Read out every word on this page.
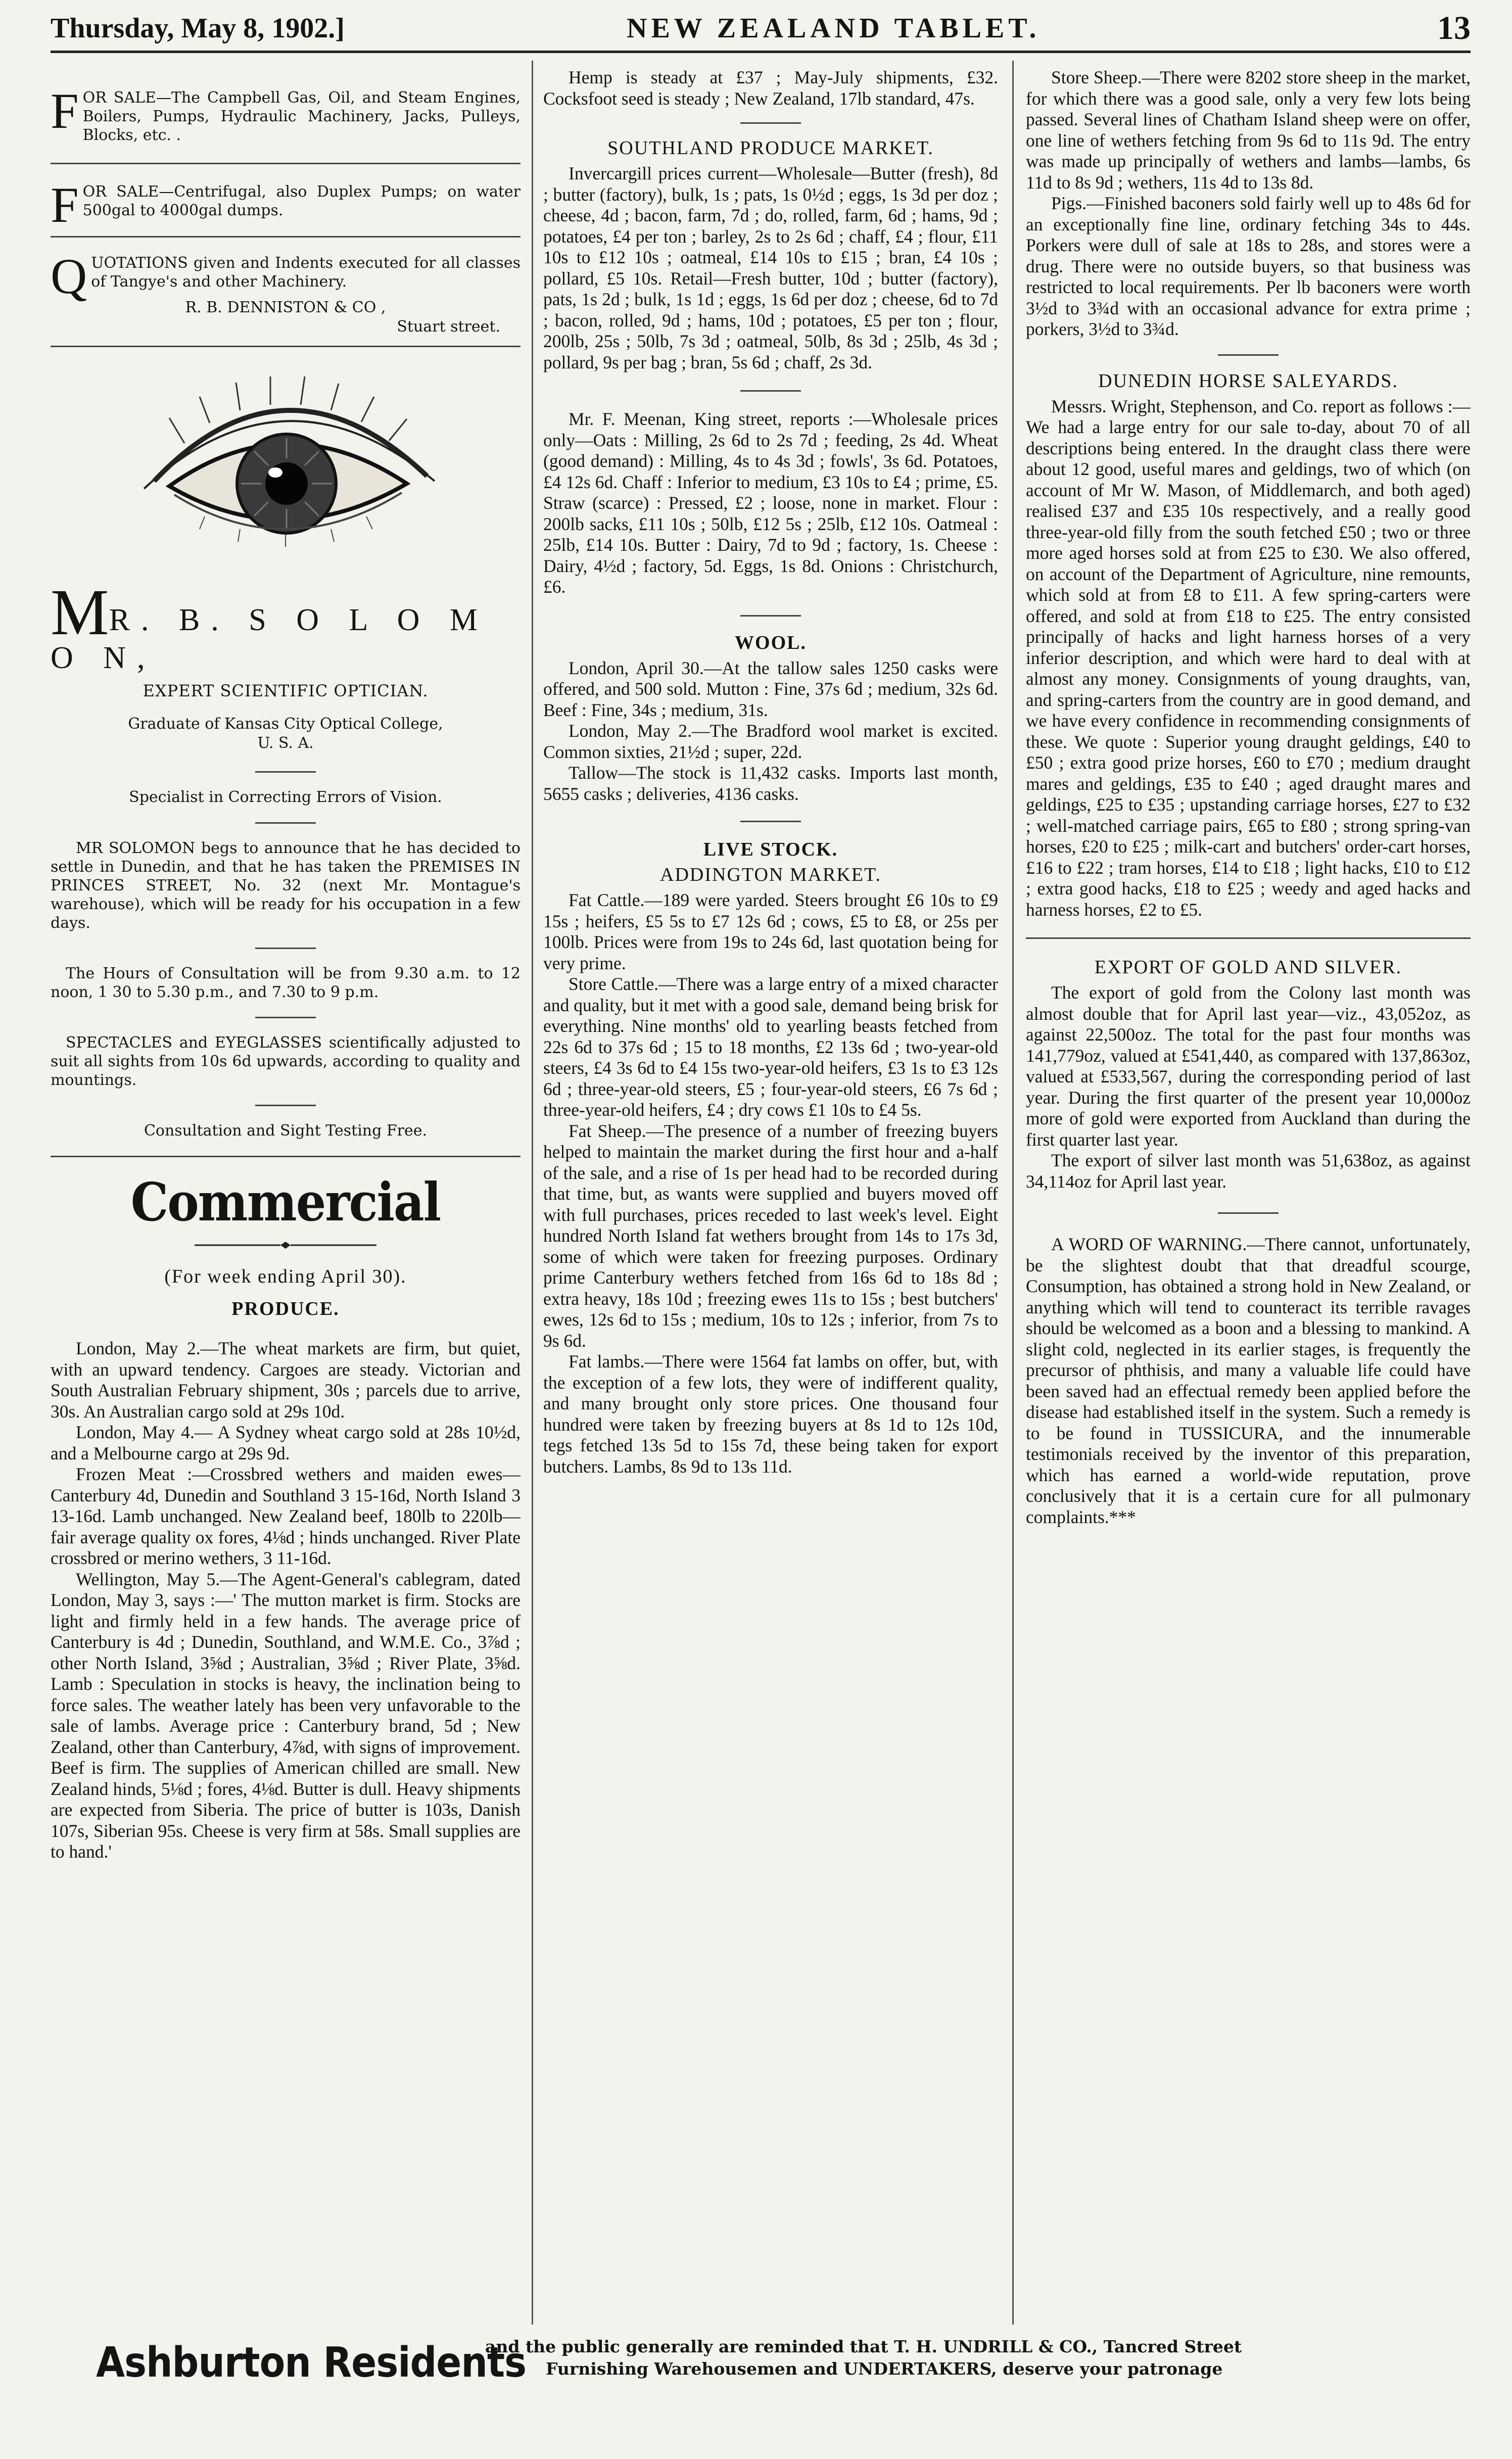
Thursday, May 8, 1902.]	NEW ZEALAND TABLET.	13
F OR SALE—The Campbell Gas, Oil, and Steam Engines, Boilers, Pumps, Hydraulic Machinery, Jacks, Pulleys, Blocks, etc. .
F OR SALE—Centrifugal, also Duplex Pumps; on water 500gal to 4000gal dumps.
Q UOTATIONS given and Indents executed for all classes of Tangye's and other Machinery.
R. B. DENNISTON & CO ,
Stuart street.
MR. B. S O L O M O N,
EXPERT SCIENTIFIC OPTICIAN.
Graduate of Kansas City Optical College,
U. S. A.
Specialist in Correcting Errors of Vision.
MR SOLOMON begs to announce that he has decided to settle in Dunedin, and that he has taken the PREMISES IN PRINCES STREET, No. 32 (next Mr. Montague's warehouse), which will be ready for his occupation in a few days.
The Hours of Consultation will be from 9.30 a.m. to 12 noon, 1 30 to 5.30 p.m., and 7.30 to 9 p.m.
SPECTACLES and EYEGLASSES scientifically adjusted to suit all sights from 10s 6d upwards, according to quality and mountings.
Consultation and Sight Testing Free.
Commercial
(For week ending April 30).
PRODUCE.

London, May 2.—The wheat markets are firm, but quiet, with an upward tendency. Cargoes are steady. Victorian and South Australian February shipment, 30s ; parcels due to arrive, 30s. An Australian cargo sold at 29s 10d.

London, May 4.— A Sydney wheat cargo sold at 28s 10½d, and a Melbourne cargo at 29s 9d.

Frozen Meat :—Crossbred wethers and maiden ewes—Canterbury 4d, Dunedin and Southland 3 15-16d, North Island 3 13-16d. Lamb unchanged. New Zealand beef, 180lb to 220lb—fair average quality ox fores, 4⅛d ; hinds unchanged. River Plate crossbred or merino wethers, 3 11-16d.

Wellington, May 5.—The Agent-General's cablegram, dated London, May 3, says :—' The mutton market is firm. Stocks are light and firmly held in a few hands. The average price of Canterbury is 4d ; Dunedin, Southland, and W.M.E. Co., 3⅞d ; other North Island, 3⅝d ; Australian, 3⅝d ; River Plate, 3⅝d. Lamb : Speculation in stocks is heavy, the inclination being to force sales. The weather lately has been very unfavorable to the sale of lambs. Average price : Canterbury brand, 5d ; New Zealand, other than Canterbury, 4⅞d, with signs of improvement. Beef is firm. The supplies of American chilled are small. New Zealand hinds, 5⅛d ; fores, 4⅛d. Butter is dull. Heavy shipments are expected from Siberia. The price of butter is 103s, Danish 107s, Siberian 95s. Cheese is very firm at 58s. Small supplies are to hand.'

Hemp is steady at £37 ; May-July shipments, £32. Cocksfoot seed is steady ; New Zealand, 17lb standard, 47s.

SOUTHLAND PRODUCE MARKET.

Invercargill prices current—Wholesale—Butter (fresh), 8d ; butter (factory), bulk, 1s ; pats, 1s 0½d ; eggs, 1s 3d per doz ; cheese, 4d ; bacon, farm, 7d ; do, rolled, farm, 6d ; hams, 9d ; potatoes, £4 per ton ; barley, 2s to 2s 6d ; chaff, £4 ; flour, £11 10s to £12 10s ; oatmeal, £14 10s to £15 ; bran, £4 10s ; pollard, £5 10s. Retail—Fresh butter, 10d ; butter (factory), pats, 1s 2d ; bulk, 1s 1d ; eggs, 1s 6d per doz ; cheese, 6d to 7d ; bacon, rolled, 9d ; hams, 10d ; potatoes, £5 per ton ; flour, 200lb, 25s ; 50lb, 7s 3d ; oatmeal, 50lb, 8s 3d ; 25lb, 4s 3d ; pollard, 9s per bag ; bran, 5s 6d ; chaff, 2s 3d.

Mr. F. Meenan, King street, reports :—Wholesale prices only—Oats : Milling, 2s 6d to 2s 7d ; feeding, 2s 4d. Wheat (good demand) : Milling, 4s to 4s 3d ; fowls', 3s 6d. Potatoes, £4 12s 6d. Chaff : Inferior to medium, £3 10s to £4 ; prime, £5. Straw (scarce) : Pressed, £2 ; loose, none in market. Flour : 200lb sacks, £11 10s ; 50lb, £12 5s ; 25lb, £12 10s. Oatmeal : 25lb, £14 10s. Butter : Dairy, 7d to 9d ; factory, 1s. Cheese : Dairy, 4½d ; factory, 5d. Eggs, 1s 8d. Onions : Christchurch, £6.

WOOL.

London, April 30.—At the tallow sales 1250 casks were offered, and 500 sold. Mutton : Fine, 37s 6d ; medium, 32s 6d. Beef : Fine, 34s ; medium, 31s.

London, May 2.—The Bradford wool market is excited. Common sixties, 21½d ; super, 22d.

Tallow—The stock is 11,432 casks. Imports last month, 5655 casks ; deliveries, 4136 casks.

LIVE STOCK.
ADDINGTON MARKET.

Fat Cattle.—189 were yarded. Steers brought £6 10s to £9 15s ; heifers, £5 5s to £7 12s 6d ; cows, £5 to £8, or 25s per 100lb. Prices were from 19s to 24s 6d, last quotation being for very prime.

Store Cattle.—There was a large entry of a mixed character and quality, but it met with a good sale, demand being brisk for everything. Nine months' old to yearling beasts fetched from 22s 6d to 37s 6d ; 15 to 18 months, £2 13s 6d ; two-year-old steers, £4 3s 6d to £4 15s two-year-old heifers, £3 1s to £3 12s 6d ; three-year-old steers, £5 ; four-year-old steers, £6 7s 6d ; three-year-old heifers, £4 ; dry cows £1 10s to £4 5s.

Fat Sheep.—The presence of a number of freezing buyers helped to maintain the market during the first hour and a-half of the sale, and a rise of 1s per head had to be recorded during that time, but, as wants were supplied and buyers moved off with full purchases, prices receded to last week's level. Eight hundred North Island fat wethers brought from 14s to 17s 3d, some of which were taken for freezing purposes. Ordinary prime Canterbury wethers fetched from 16s 6d to 18s 8d ; extra heavy, 18s 10d ; freezing ewes 11s to 15s ; best butchers' ewes, 12s 6d to 15s ; medium, 10s to 12s ; inferior, from 7s to 9s 6d.

Fat lambs.—There were 1564 fat lambs on offer, but, with the exception of a few lots, they were of indifferent quality, and many brought only store prices. One thousand four hundred were taken by freezing buyers at 8s 1d to 12s 10d, tegs fetched 13s 5d to 15s 7d, these being taken for export butchers. Lambs, 8s 9d to 13s 11d.

Store Sheep.—There were 8202 store sheep in the market, for which there was a good sale, only a very few lots being passed. Several lines of Chatham Island sheep were on offer, one line of wethers fetching from 9s 6d to 11s 9d. The entry was made up principally of wethers and lambs—lambs, 6s 11d to 8s 9d ; wethers, 11s 4d to 13s 8d.

Pigs.—Finished baconers sold fairly well up to 48s 6d for an exceptionally fine line, ordinary fetching 34s to 44s. Porkers were dull of sale at 18s to 28s, and stores were a drug. There were no outside buyers, so that business was restricted to local requirements. Per lb baconers were worth 3½d to 3¾d with an occasional advance for extra prime ; porkers, 3½d to 3¾d.

DUNEDIN HORSE SALEYARDS.

Messrs. Wright, Stephenson, and Co. report as follows :—We had a large entry for our sale to-day, about 70 of all descriptions being entered. In the draught class there were about 12 good, useful mares and geldings, two of which (on account of Mr W. Mason, of Middlemarch, and both aged) realised £37 and £35 10s respectively, and a really good three-year-old filly from the south fetched £50 ; two or three more aged horses sold at from £25 to £30. We also offered, on account of the Department of Agriculture, nine remounts, which sold at from £8 to £11. A few spring-carters were offered, and sold at from £18 to £25. The entry consisted principally of hacks and light harness horses of a very inferior description, and which were hard to deal with at almost any money. Consignments of young draughts, van, and spring-carters from the country are in good demand, and we have every confidence in recommending consignments of these. We quote : Superior young draught geldings, £40 to £50 ; extra good prize horses, £60 to £70 ; medium draught mares and geldings, £35 to £40 ; aged draught mares and geldings, £25 to £35 ; upstanding carriage horses, £27 to £32 ; well-matched carriage pairs, £65 to £80 ; strong spring-van horses, £20 to £25 ; milk-cart and butchers' order-cart horses, £16 to £22 ; tram horses, £14 to £18 ; light hacks, £10 to £12 ; extra good hacks, £18 to £25 ; weedy and aged hacks and harness horses, £2 to £5.

EXPORT OF GOLD AND SILVER.

The export of gold from the Colony last month was almost double that for April last year—viz., 43,052oz, as against 22,500oz. The total for the past four months was 141,779oz, valued at £541,440, as compared with 137,863oz, valued at £533,567, during the corresponding period of last year. During the first quarter of the present year 10,000oz more of gold were exported from Auckland than during the first quarter last year.

The export of silver last month was 51,638oz, as against 34,114oz for April last year.

A WORD OF WARNING.—There cannot, unfortunately, be the slightest doubt that that dreadful scourge, Consumption, has obtained a strong hold in New Zealand, or anything which will tend to counteract its terrible ravages should be welcomed as a boon and a blessing to mankind. A slight cold, neglected in its earlier stages, is frequently the precursor of phthisis, and many a valuable life could have been saved had an effectual remedy been applied before the disease had established itself in the system. Such a remedy is to be found in TUSSICURA, and the innumerable testimonials received by the inventor of this preparation, which has earned a world-wide reputation, prove conclusively that it is a certain cure for all pulmonary complaints.***

Ashburton Residents
and the public generally are reminded that T. H. UNDRILL & CO., Tancred Street
Furnishing Warehousemen and UNDERTAKERS, deserve your patronage
